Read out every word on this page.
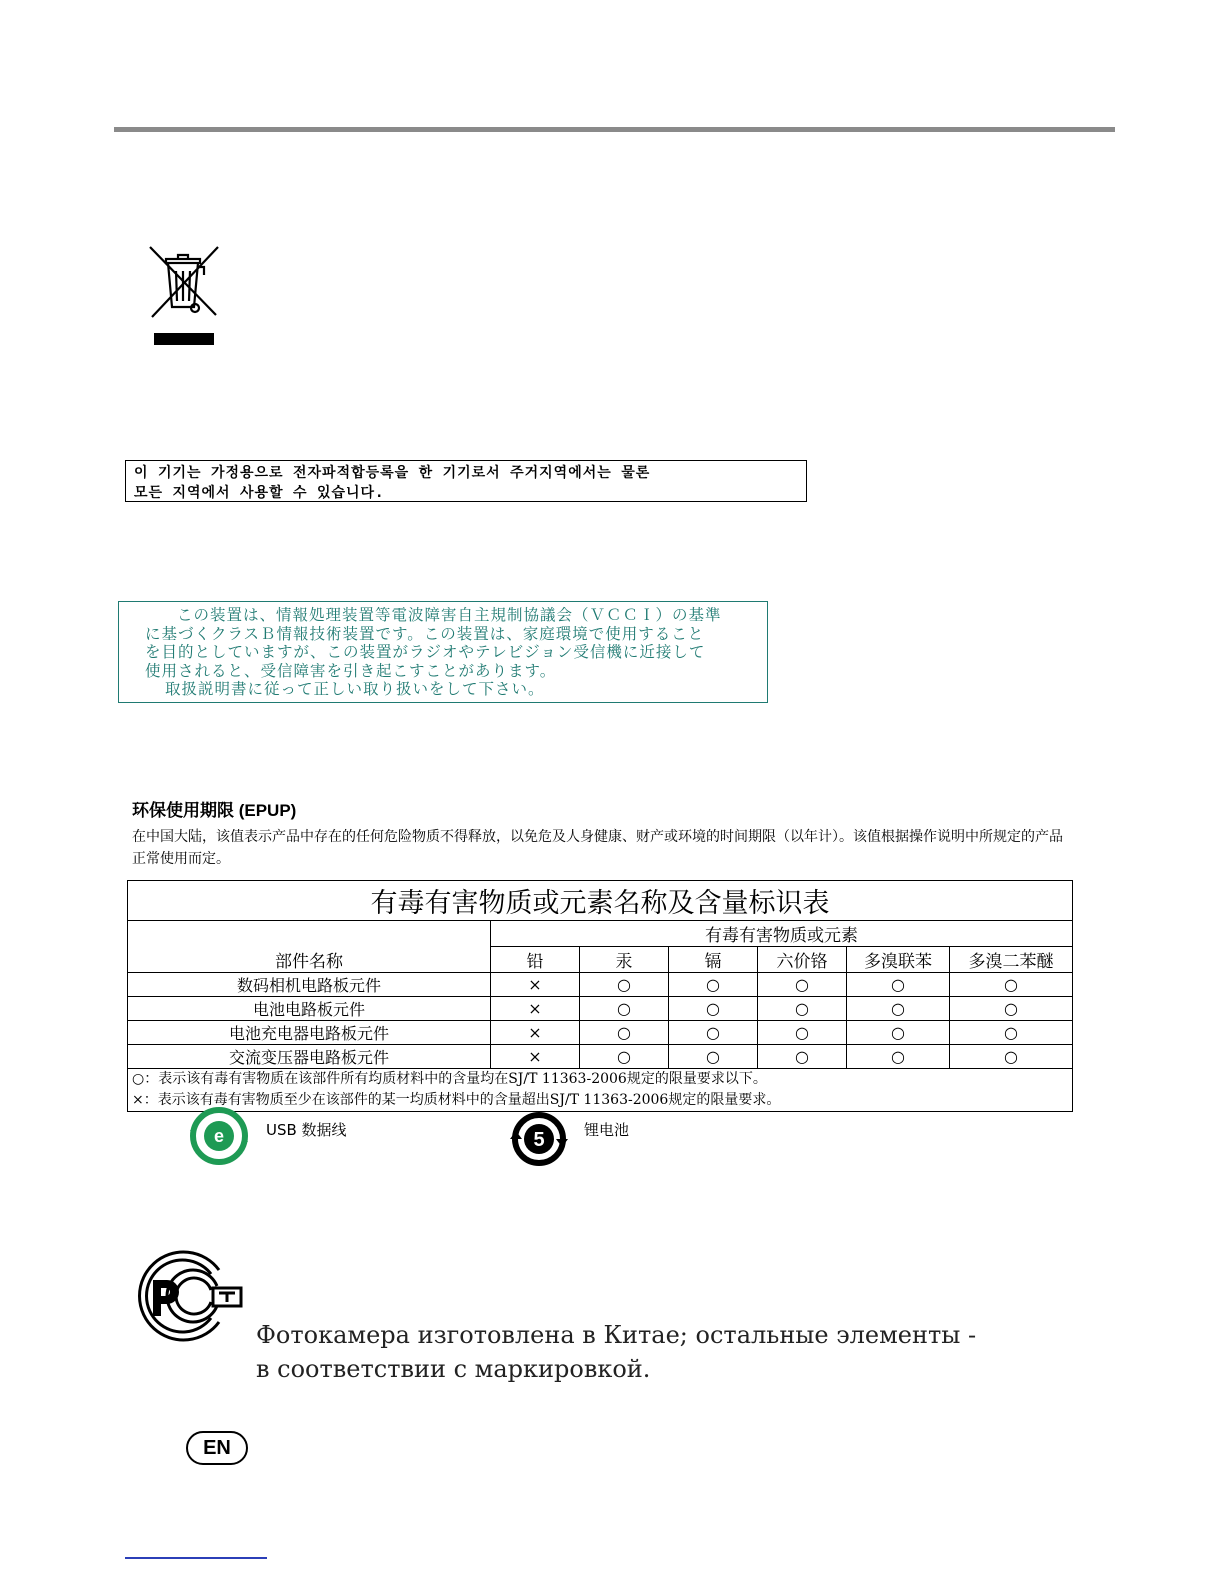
이 기기는 가정용으로 전자파적합등록을 한 기기로서 주거지역에서는 물론
모든 지역에서 사용할 수 있습니다.
この装置は、情報処理装置等電波障害自主規制協議会（ＶＣＣＩ）の基準
に基づくクラスＢ情報技術装置です。この装置は、家庭環境で使用すること
を目的としていますが、この装置がラジオやテレビジョン受信機に近接して
使用されると、受信障害を引き起こすことがあります。
取扱説明書に従って正しい取り扱いをして下さい。
环保使用期限 (EPUP)
在中国大陆，该值表示产品中存在的任何危险物质不得释放，以免危及人身健康、财产或环境的时间期限（以年计）。该值根据操作说明中所规定的产品正常使用而定。
有毒有害物质或元素名称及含量标识表						
部件名称	有毒有害物质或元素					
	铅	汞	镉	六价铬	多溴联苯	多溴二苯醚
数码相机电路板元件	×	○	○	○	○	○
电池电路板元件	×	○	○	○	○	○
电池充电器电路板元件	×	○	○	○	○	○
交流变压器电路板元件	×	○	○	○	○	○

○：表示该有毒有害物质在该部件所有均质材料中的含量均在SJ/T 11363-2006规定的限量要求以下。
×：表示该有毒有害物质至少在该部件的某一均质材料中的含量超出SJ/T 11363-2006规定的限量要求。						
e	USB 数据线	5	锂电池
Фотокамера изготовлена в Китае; остальные элементы -
в соответствии с маркировкой.
EN
